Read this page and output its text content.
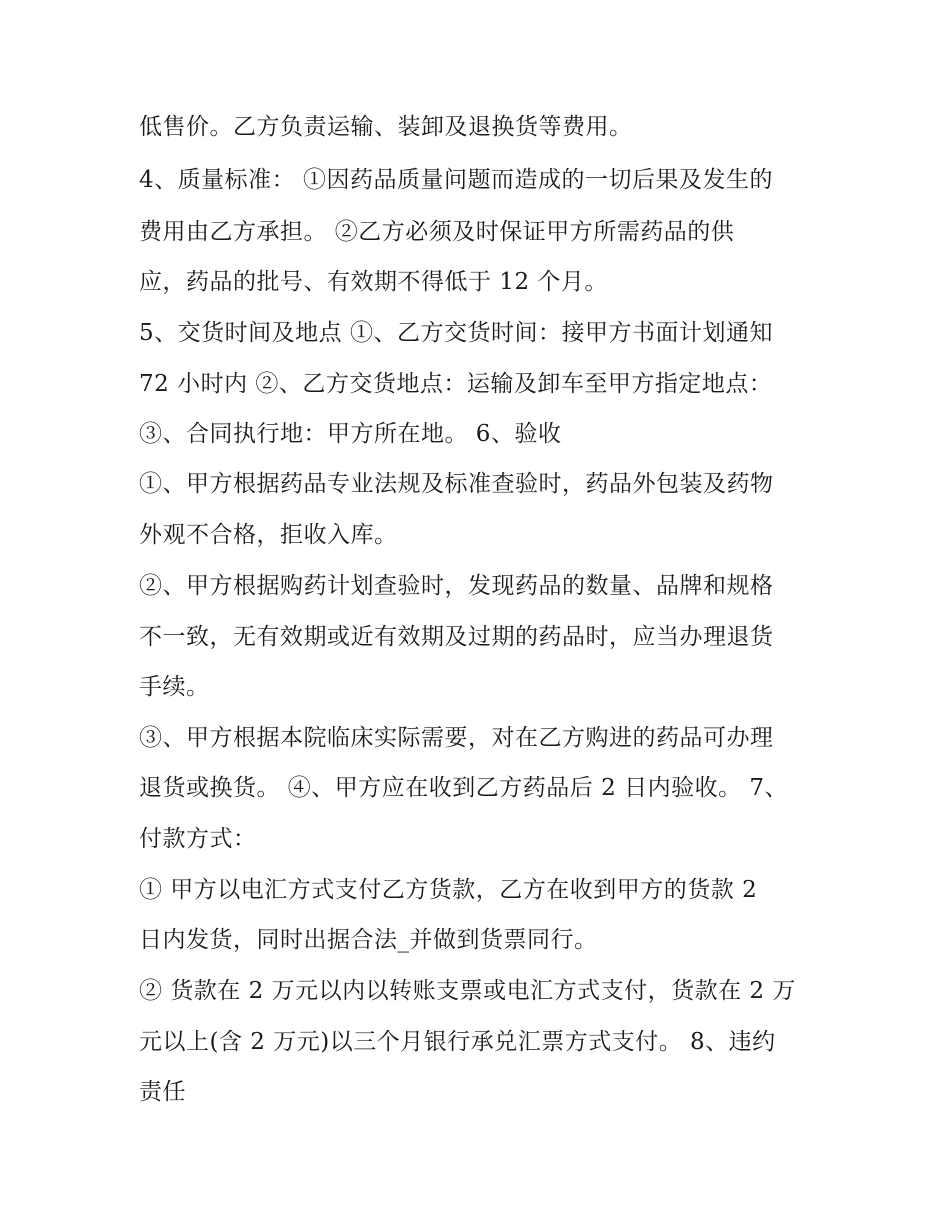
低售价。乙方负责运输、装卸及退换货等费用。
4、质量标准： ①因药品质量问题而造成的一切后果及发生的
费用由乙方承担。 ②乙方必须及时保证甲方所需药品的供
应，药品的批号、有效期不得低于 12 个月。
5、交货时间及地点 ①、乙方交货时间：接甲方书面计划通知
72 小时内 ②、乙方交货地点：运输及卸车至甲方指定地点：
③、合同执行地：甲方所在地。 6、验收
①、甲方根据药品专业法规及标准查验时，药品外包装及药物
外观不合格，拒收入库。
②、甲方根据购药计划查验时，发现药品的数量、品牌和规格
不一致，无有效期或近有效期及过期的药品时，应当办理退货
手续。
③、甲方根据本院临床实际需要，对在乙方购进的药品可办理
退货或换货。 ④、甲方应在收到乙方药品后 2 日内验收。 7、
付款方式：
① 甲方以电汇方式支付乙方货款，乙方在收到甲方的货款 2
日内发货，同时出据合法_并做到货票同行。
② 货款在 2 万元以内以转账支票或电汇方式支付，货款在 2 万
元以上(含 2 万元)以三个月银行承兑汇票方式支付。 8、违约
责任
